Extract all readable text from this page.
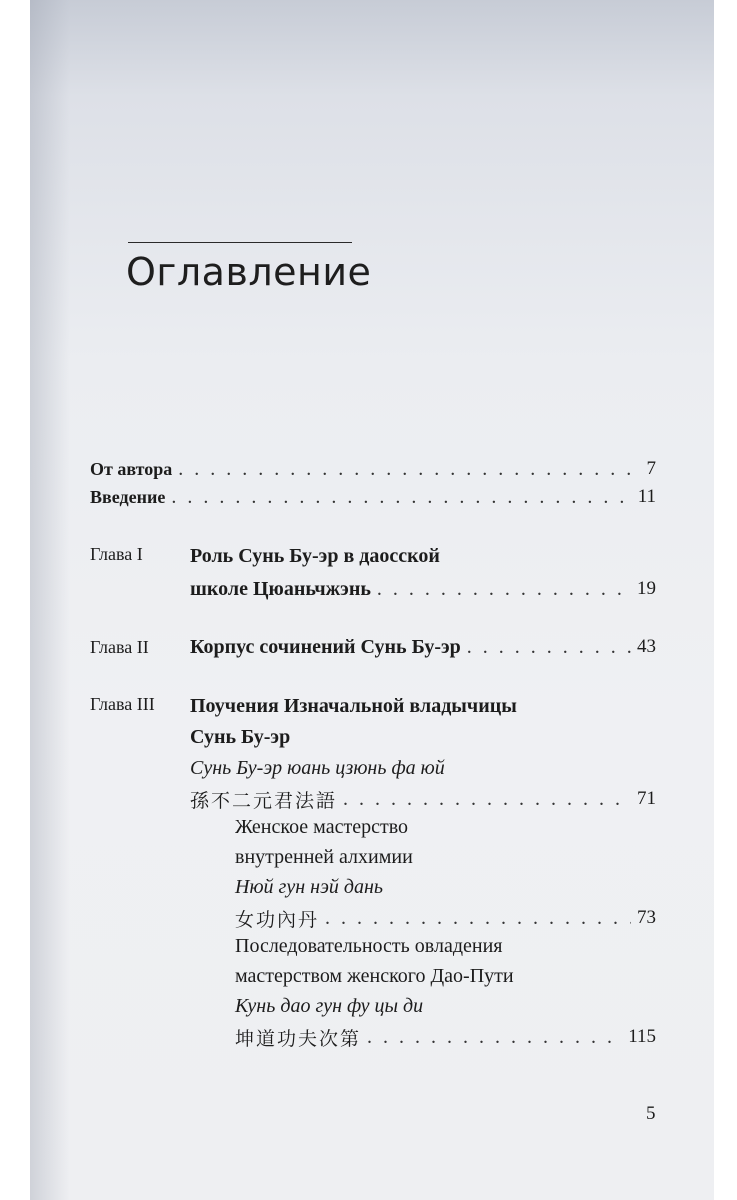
Оглавление
От автора . . .	7
Введение . . .	11
Глава I Роль Сунь Бу-эр в даосской
школе Цюаньчжэнь . . .	19
Глава II Корпус сочинений Сунь Бу-эр . . .	43
Глава III Поучения Изначальной владычицы
Сунь Бу-эр
Сунь Бу-эр юань цзюнь фа юй
孫不二元君法語 . . .	71
Женское мастерство
внутренней алхимии
Нюй гун нэй дань
女功內丹 . . .	73
Последовательность овладения
мастерством женского Дао-Пути
Кунь дао гун фу цы ди
坤道功夫次第 . . .	115
5
